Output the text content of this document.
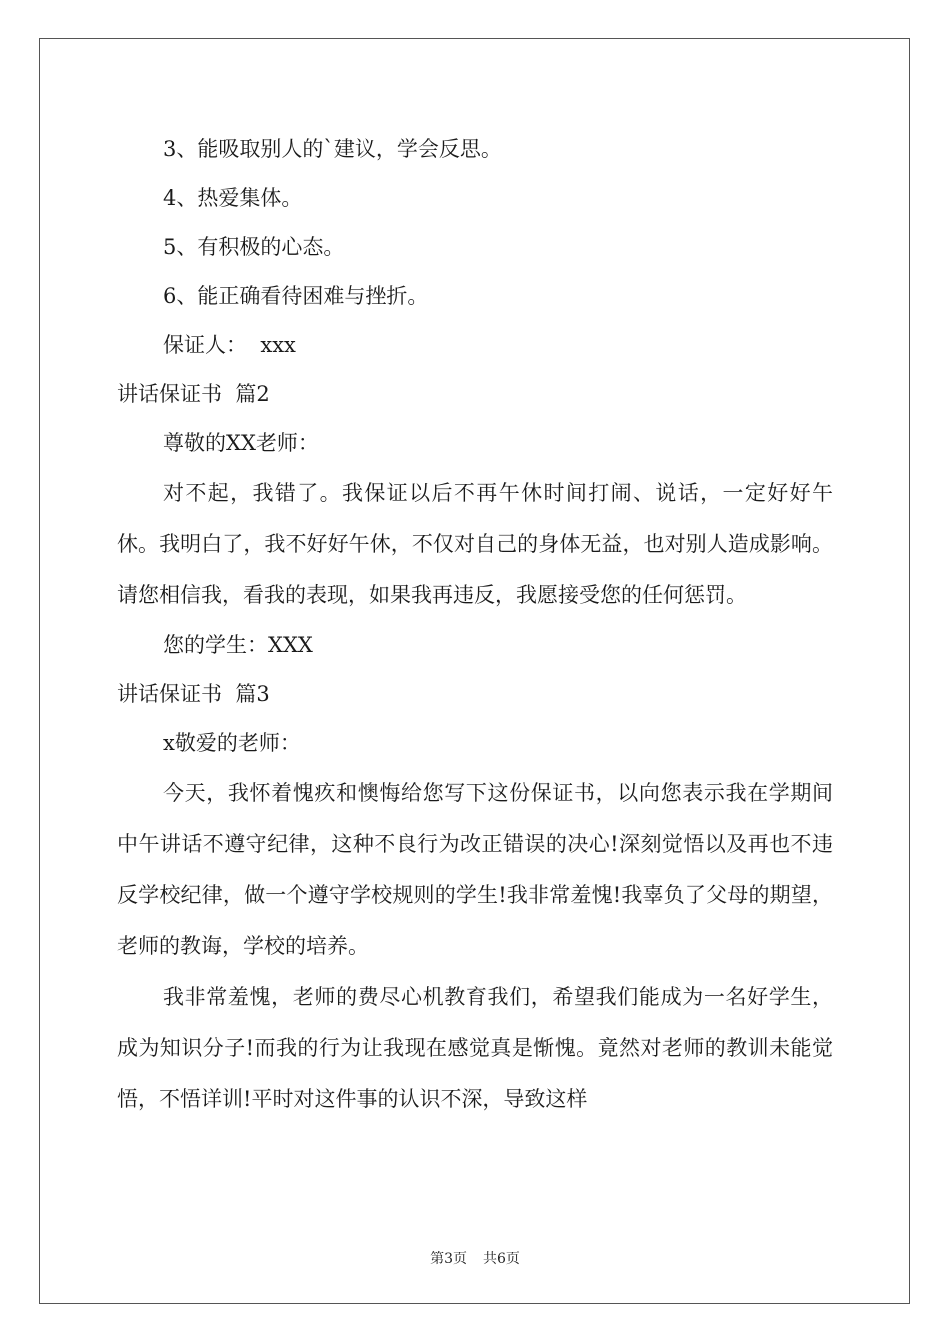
3、能吸取别人的`建议，学会反思。

4、热爱集体。

5、有积极的心态。

6、能正确看待困难与挫折。

保证人：  xxx

讲话保证书  篇2

尊敬的XX老师：

对不起，我错了。我保证以后不再午休时间打闹、说话，一定好好午休。我明白了，我不好好午休，不仅对自己的身体无益，也对别人造成影响。请您相信我，看我的表现，如果我再违反，我愿接受您的任何惩罚。

您的学生：XXX

讲话保证书  篇3

x敬爱的老师：

今天，我怀着愧疚和懊悔给您写下这份保证书，以向您表示我在学期间中午讲话不遵守纪律，这种不良行为改正错误的决心!深刻觉悟以及再也不违反学校纪律，做一个遵守学校规则的学生!我非常羞愧!我辜负了父母的期望，老师的教诲，学校的培养。

我非常羞愧，老师的费尽心机教育我们，希望我们能成为一名好学生，成为知识分子!而我的行为让我现在感觉真是惭愧。竟然对老师的教训未能觉悟，不悟详训!平时对这件事的认识不深，导致这样

第3页 共6页
